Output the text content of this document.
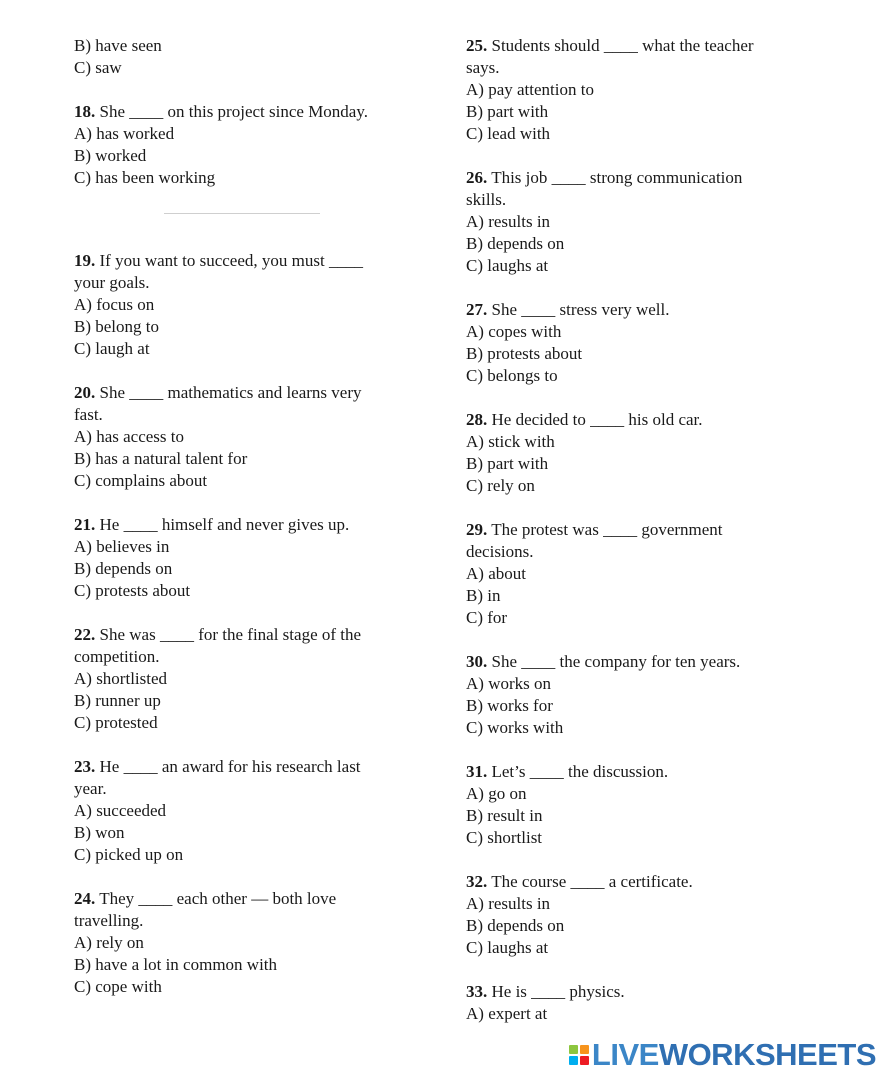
B) have seen

C) saw

18. She ____ on this project since Monday.

A) has worked

B) worked

C) has been working

19. If you want to succeed, you must ____

your goals.

A) focus on

B) belong to

C) laugh at

20. She ____ mathematics and learns very

fast.

A) has access to

B) has a natural talent for

C) complains about

21. He ____ himself and never gives up.

A) believes in

B) depends on

C) protests about

22. She was ____ for the final stage of the

competition.

A) shortlisted

B) runner up

C) protested

23. He ____ an award for his research last

year.

A) succeeded

B) won

C) picked up on

24. They ____ each other — both love

travelling.

A) rely on

B) have a lot in common with

C) cope with

25. Students should ____ what the teacher

says.

A) pay attention to

B) part with

C) lead with

26. This job ____ strong communication

skills.

A) results in

B) depends on

C) laughs at

27. She ____ stress very well.

A) copes with

B) protests about

C) belongs to

28. He decided to ____ his old car.

A) stick with

B) part with

C) rely on

29. The protest was ____ government

decisions.

A) about

B) in

C) for

30. She ____ the company for ten years.

A) works on

B) works for

C) works with

31. Let’s ____ the discussion.

A) go on

B) result in

C) shortlist

32. The course ____ a certificate.

A) results in

B) depends on

C) laughs at

33. He is ____ physics.

A) expert at

LIVEWORKSHEETS
